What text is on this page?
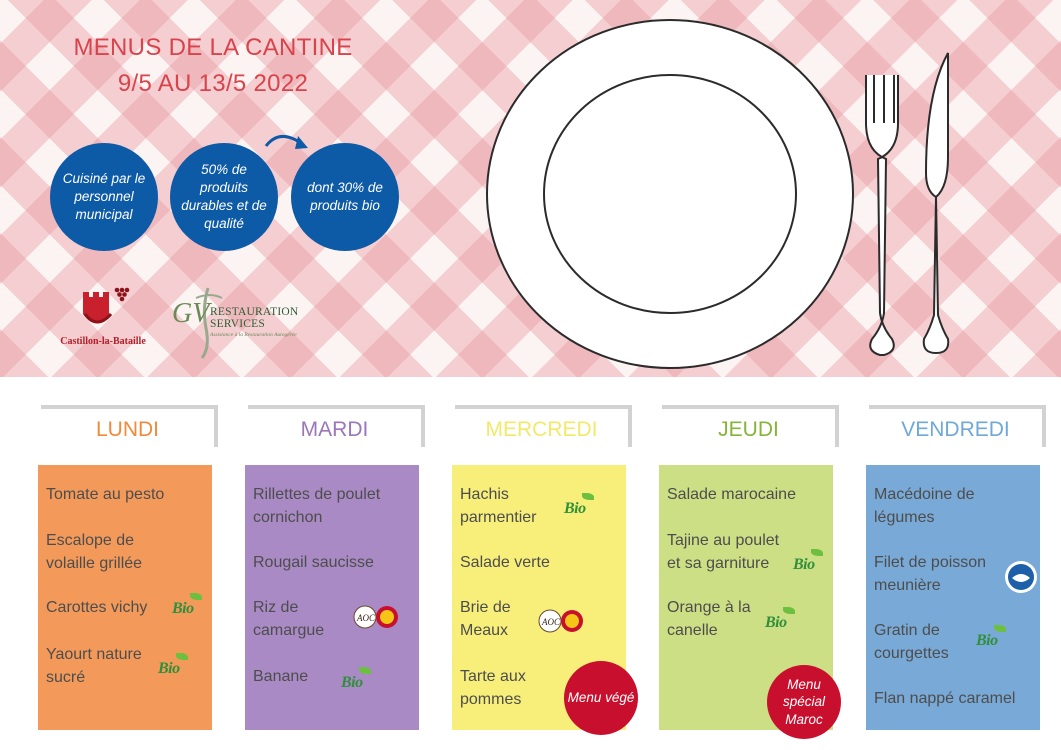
MENUS DE LA CANTINE
9/5 AU 13/5 2022
Cuisiné par le personnel municipal
50% de produits durables et de qualité
dont 30% de produits bio
Castillon-la-Bataille
GV RESTAURATION
SERVICES
Assistance à la Restauration Autogérée
LUNDI	MARDI	MERCREDI	JEUDI	VENDREDI
Tomate au pesto
Escalope de volaille grillée
Carottes vichy	Bio
Yaourt nature sucré
Bio
Rillettes de poulet cornichon
Rougail saucisse
Riz de camargue
AOC
Banane	Bio
Hachis parmentier
Bio
Salade verte
Brie de Meaux
AOC
Tarte aux pommes	Menu végé
Salade marocaine
Tajine au poulet et sa garniture	Bio
Orange à la canelle	Bio
Menu spécial Maroc
Macédoine de légumes
Filet de poisson meunière
Gratin de courgettes
Bio
Flan nappé caramel
